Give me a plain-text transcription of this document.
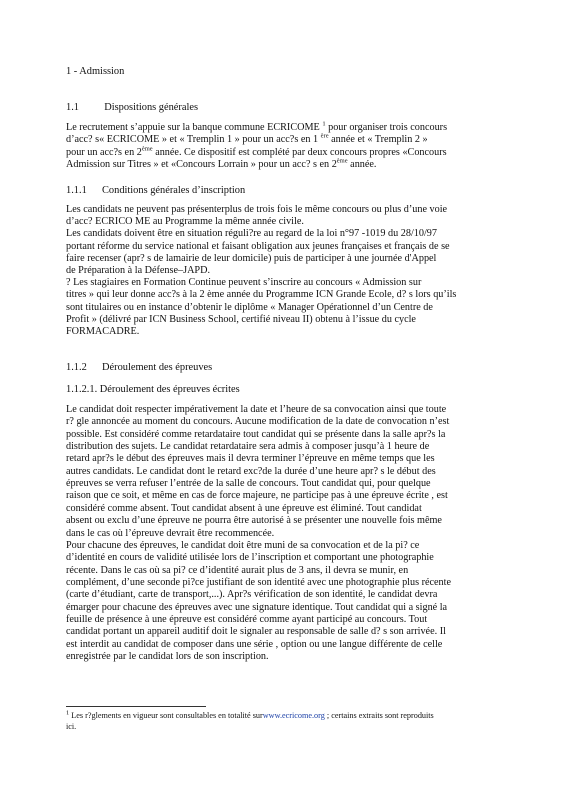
1 - Admission
1.1 Dispositions générales
Le recrutement s’appuie sur la banque commune ECRICOME $^1$ pour organiser trois concours
d’acc? s« ECRICOME » et « Tremplin 1 » pour un acc?s en 1 $^{ère}$ année et « Tremplin 2 »
pour un acc?s en 2ème année. Ce dispositif est complété par deux concours propres «Concours
Admission sur Titres » et «Concours Lorrain » pour un acc? s en 2ème année.
1.1.1 Conditions générales d’inscription
Les candidats ne peuvent pas présenterplus de trois fois le même concours ou plus d’une voie
d’acc? ECRICO ME au Programme la même année civile.
Les candidats doivent être en situation réguli?re au regard de la loi n°97 -1019 du 28/10/97
portant réforme du service national et faisant obligation aux jeunes françaises et français de se
faire recenser (apr? s de lamairie de leur domicile) puis de participer à une journée d'Appel
de Préparation à la Défense–JAPD.
? Les stagiaires en Formation Continue peuvent s’inscrire au concours « Admission sur
titres » qui leur donne acc?s à la 2 ème année du Programme ICN Grande Ecole, d? s lors qu’ils
sont titulaires ou en instance d’obtenir le diplôme « Manager Opérationnel d’un Centre de
Profit » (délivré par ICN Business School, certifié niveau II) obtenu à l’issue du cycle
FORMACADRE.
1.1.2 Déroulement des épreuves
1.1.2.1. Déroulement des épreuves écrites
Le candidat doit respecter impérativement la date et l’heure de sa convocation ainsi que toute
r? gle annoncée au moment du concours. Aucune modification de la date de convocation n’est
possible. Est considéré comme retardataire tout candidat qui se présente dans la salle apr?s la
distribution des sujets. Le candidat retardataire sera admis à composer jusqu’à 1 heure de
retard apr?s le début des épreuves mais il devra terminer l’épreuve en même temps que les
autres candidats. Le candidat dont le retard exc?de la durée d’une heure apr? s le début des
épreuves se verra refuser l’entrée de la salle de concours. Tout candidat qui, pour quelque
raison que ce soit, et même en cas de force majeure, ne participe pas à une épreuve écrite , est
considéré comme absent. Tout candidat absent à une épreuve est éliminé. Tout candidat
absent ou exclu d’une épreuve ne pourra être autorisé à se présenter une nouvelle fois même
dans le cas où l’épreuve devrait être recommencée.
Pour chacune des épreuves, le candidat doit être muni de sa convocation et de la pi? ce
d’identité en cours de validité utilisée lors de l’inscription et comportant une photographie
récente. Dans le cas où sa pi? ce d’identité aurait plus de 3 ans, il devra se munir, en
complément, d’une seconde pi?ce justifiant de son identité avec une photographie plus récente
(carte d’étudiant, carte de transport,...). Apr?s vérification de son identité, le candidat devra
émarger pour chacune des épreuves avec une signature identique. Tout candidat qui a signé la
feuille de présence à une épreuve est considéré comme ayant participé au concours. Tout
candidat portant un appareil auditif doit le signaler au responsable de salle d? s son arrivée. Il
est interdit au candidat de composer dans une série , option ou une langue différente de celle
enregistrée par le candidat lors de son inscription.
$^1$ Les r?glements en vigueur sont consultables en totalité surwww.ecricome.org ; certains extraits sont reproduits
ici.
